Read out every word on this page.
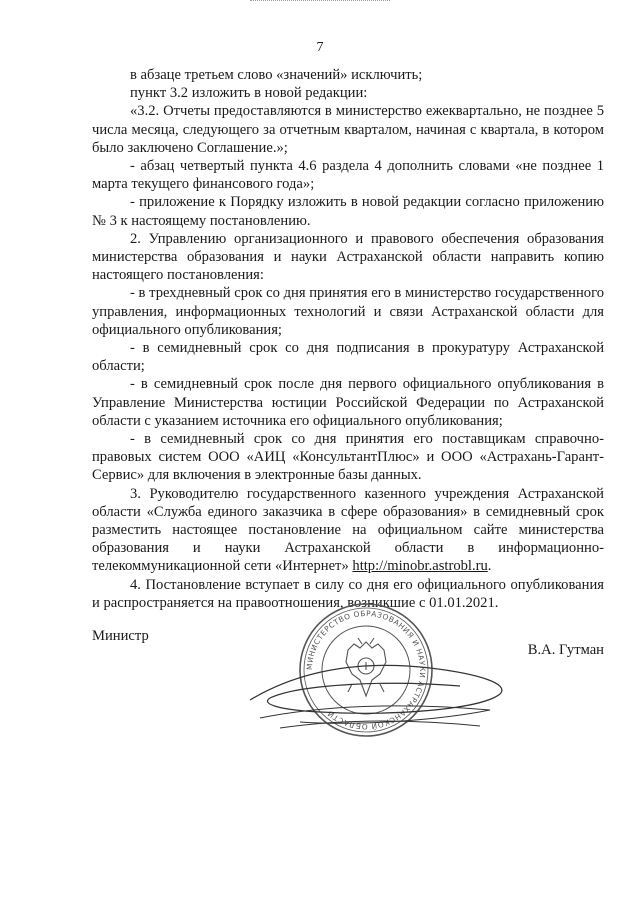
7

в абзаце третьем слово «значений» исключить;

пункт 3.2 изложить в новой редакции:

«3.2. Отчеты предоставляются в министерство ежеквартально, не позднее 5 числа месяца, следующего за отчетным кварталом, начиная с квартала, в котором было заключено Соглашение.»;

- абзац четвертый пункта 4.6 раздела 4 дополнить словами «не позднее 1 марта текущего финансового года»;

- приложение к Порядку изложить в новой редакции согласно приложению № 3 к настоящему постановлению.

2. Управлению организационного и правового обеспечения образования министерства образования и науки Астраханской области направить копию настоящего постановления:

- в трехдневный срок со дня принятия его в министерство государственного управления, информационных технологий и связи Астраханской области для официального опубликования;

- в семидневный срок со дня подписания в прокуратуру Астраханской области;

- в семидневный срок после дня первого официального опубликования в Управление Министерства юстиции Российской Федерации по Астраханской области с указанием источника его официального опубликования;

- в семидневный срок со дня принятия его поставщикам справочно-правовых систем ООО «АИЦ «КонсультантПлюс» и ООО «Астрахань-Гарант-Сервис» для включения в электронные базы данных.

3. Руководителю государственного казенного учреждения Астраханской области «Служба единого заказчика в сфере образования» в семидневный срок разместить настоящее постановление на официальном сайте министерства образования и науки Астраханской области в информационно-телекоммуникационной сети «Интернет» http://minobr.astrobl.ru.

4. Постановление вступает в силу со дня его официального опубликования и распространяется на правоотношения, возникшие с 01.01.2021.

Министр
В.А. Гутман
МИНИСТЕРСТВО ОБРАЗОВАНИЯ И НАУКИ АСТРАХАНСКОЙ ОБЛАСТИ
